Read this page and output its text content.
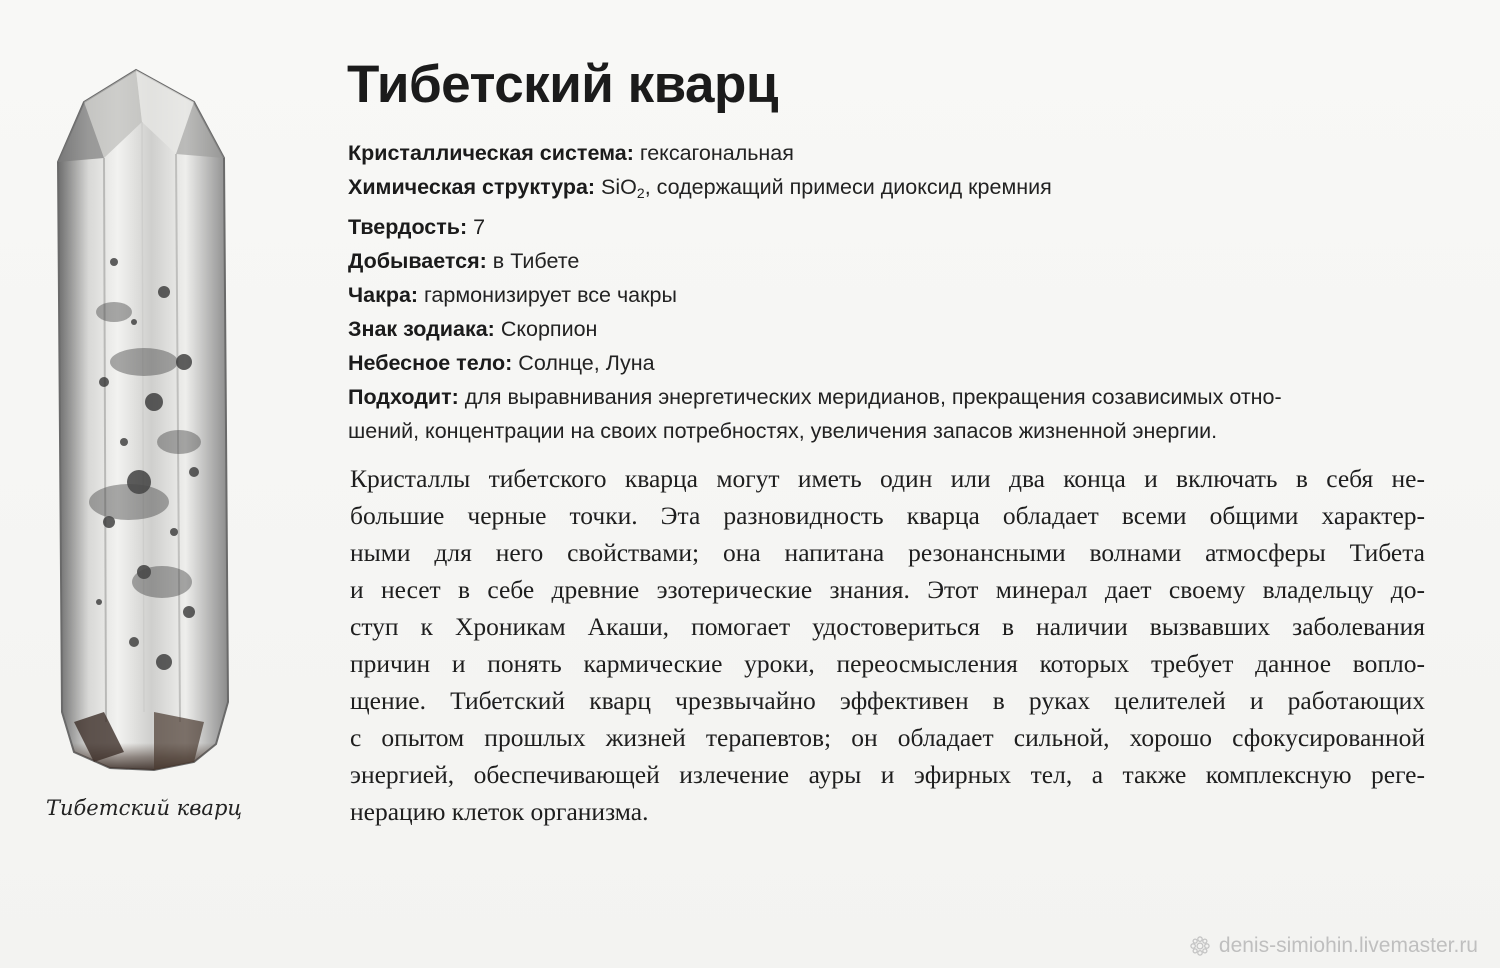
Тибетский кварц
Тибетский кварц
Кристаллическая система: гексагональная
Химическая структура: SiO2, содержащий примеси диоксид кремния
Твердость: 7
Добывается: в Тибете
Чакра: гармонизирует все чакры
Знак зодиака: Скорпион
Небесное тело: Солнце, Луна
Подходит: для выравнивания энергетических меридианов, прекращения созависимых отно-
шений, концентрации на своих потребностях, увеличения запасов жизненной энергии.
Кристаллы тибетского кварца могут иметь один или два конца и включать в себя не-
большие черные точки. Эта разновидность кварца обладает всеми общими характер-
ными для него свойствами; она напитана резонансными волнами атмосферы Тибета
и несет в себе древние эзотерические знания. Этот минерал дает своему владельцу до-
ступ к Хроникам Акаши, помогает удостовериться в наличии вызвавших заболевания
причин и понять кармические уроки, переосмысления которых требует данное вопло-
щение. Тибетский кварц чрезвычайно эффективен в руках целителей и работающих
с опытом прошлых жизней терапевтов; он обладает сильной, хорошо сфокусированной
энергией, обеспечивающей излечение ауры и эфирных тел, а также комплексную реге-
нерацию клеток организма.
denis-simiohin.livemaster.ru
